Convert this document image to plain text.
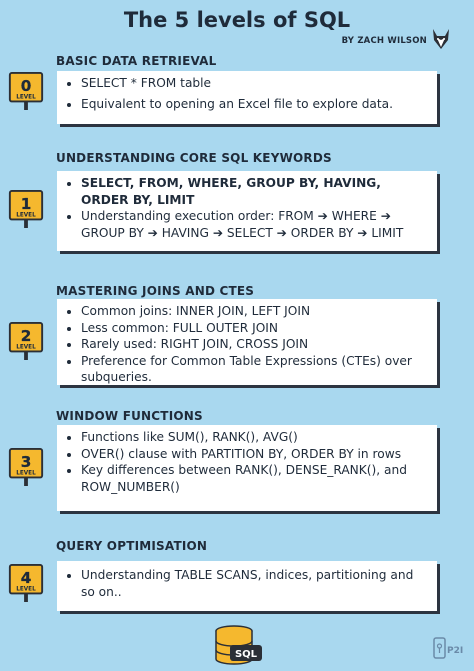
The 5 levels of SQL
BY ZACH WILSON
BASIC DATA RETRIEVAL
0
LEVEL
• SELECT * FROM table
• Equivalent to opening an Excel file to explore data.
UNDERSTANDING CORE SQL KEYWORDS
1
LEVEL
• SELECT, FROM, WHERE, GROUP BY, HAVING, ORDER BY, LIMIT
• Understanding execution order: FROM ➔ WHERE ➔ GROUP BY ➔ HAVING ➔ SELECT ➔ ORDER BY ➔ LIMIT
MASTERING JOINS AND CTES
2
LEVEL
• Common joins: INNER JOIN, LEFT JOIN
• Less common: FULL OUTER JOIN
• Rarely used: RIGHT JOIN, CROSS JOIN
• Preference for Common Table Expressions (CTEs) over subqueries.
WINDOW FUNCTIONS
3
LEVEL
• Functions like SUM(), RANK(), AVG()
• OVER() clause with PARTITION BY, ORDER BY in rows
• Key differences between RANK(), DENSE_RANK(), and ROW_NUMBER()
QUERY OPTIMISATION
4
LEVEL
• Understanding TABLE SCANS, indices, partitioning and so on..
SQL	P2I
